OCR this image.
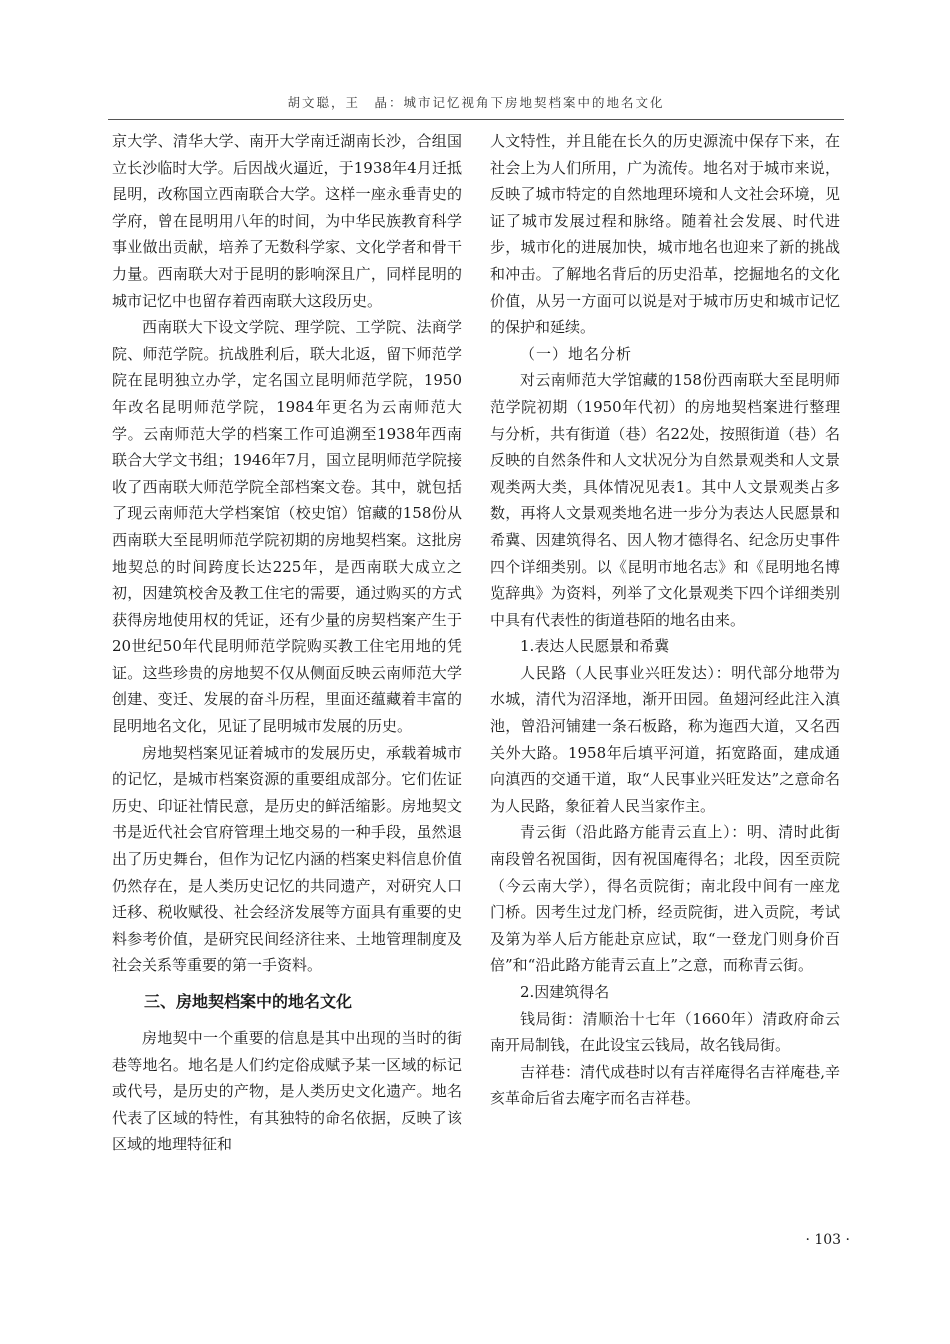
胡文聪，王　晶：城市记忆视角下房地契档案中的地名文化

京大学、清华大学、南开大学南迁湖南长沙，合组国立长沙临时大学。后因战火逼近，于1938年4月迁抵昆明，改称国立西南联合大学。这样一座永垂青史的学府，曾在昆明用八年的时间，为中华民族教育科学事业做出贡献，培养了无数科学家、文化学者和骨干力量。西南联大对于昆明的影响深且广，同样昆明的城市记忆中也留存着西南联大这段历史。

西南联大下设文学院、理学院、工学院、法商学院、师范学院。抗战胜利后，联大北返，留下师范学院在昆明独立办学，定名国立昆明师范学院，1950年改名昆明师范学院，1984年更名为云南师范大学。云南师范大学的档案工作可追溯至1938年西南联合大学文书组；1946年7月，国立昆明师范学院接收了西南联大师范学院全部档案文卷。其中，就包括了现云南师范大学档案馆（校史馆）馆藏的158份从西南联大至昆明师范学院初期的房地契档案。这批房地契总的时间跨度长达225年，是西南联大成立之初，因建筑校舍及教工住宅的需要，通过购买的方式获得房地使用权的凭证，还有少量的房契档案产生于20世纪50年代昆明师范学院购买教工住宅用地的凭证。这些珍贵的房地契不仅从侧面反映云南师范大学创建、变迁、发展的奋斗历程，里面还蕴藏着丰富的昆明地名文化，见证了昆明城市发展的历史。

房地契档案见证着城市的发展历史，承载着城市的记忆，是城市档案资源的重要组成部分。它们佐证历史、印证社情民意，是历史的鲜活缩影。房地契文书是近代社会官府管理土地交易的一种手段，虽然退出了历史舞台，但作为记忆内涵的档案史料信息价值仍然存在，是人类历史记忆的共同遗产，对研究人口迁移、税收赋役、社会经济发展等方面具有重要的史料参考价值，是研究民间经济往来、土地管理制度及社会关系等重要的第一手资料。

三、房地契档案中的地名文化

房地契中一个重要的信息是其中出现的当时的街巷等地名。地名是人们约定俗成赋予某一区域的标记或代号，是历史的产物，是人类历史文化遗产。地名代表了区域的特性，有其独特的命名依据，反映了该区域的地理特征和

人文特性，并且能在长久的历史源流中保存下来，在社会上为人们所用，广为流传。地名对于城市来说，反映了城市特定的自然地理环境和人文社会环境，见证了城市发展过程和脉络。随着社会发展、时代进步，城市化的进展加快，城市地名也迎来了新的挑战和冲击。了解地名背后的历史沿革，挖掘地名的文化价值，从另一方面可以说是对于城市历史和城市记忆的保护和延续。

（一）地名分析

对云南师范大学馆藏的158份西南联大至昆明师范学院初期（1950年代初）的房地契档案进行整理与分析，共有街道（巷）名22处，按照街道（巷）名反映的自然条件和人文状况分为自然景观类和人文景观类两大类，具体情况见表1。其中人文景观类占多数，再将人文景观类地名进一步分为表达人民愿景和希冀、因建筑得名、因人物才德得名、纪念历史事件四个详细类别。以《昆明市地名志》和《昆明地名博览辞典》为资料，列举了文化景观类下四个详细类别中具有代表性的街道巷陌的地名由来。

1.表达人民愿景和希冀

人民路（人民事业兴旺发达）：明代部分地带为水城，清代为沼泽地，渐开田园。鱼翅河经此注入滇池，曾沿河铺建一条石板路，称为迤西大道，又名西关外大路。1958年后填平河道，拓宽路面，建成通向滇西的交通干道，取“人民事业兴旺发达”之意命名为人民路，象征着人民当家作主。

青云街（沿此路方能青云直上）：明、清时此街南段曾名祝国街，因有祝国庵得名；北段，因至贡院（今云南大学），得名贡院街；南北段中间有一座龙门桥。因考生过龙门桥，经贡院街，进入贡院，考试及第为举人后方能赴京应试，取“一登龙门则身价百倍”和“沿此路方能青云直上”之意，而称青云街。

2.因建筑得名

钱局街：清顺治十七年（1660年）清政府命云南开局制钱，在此设宝云钱局，故名钱局街。

吉祥巷：清代成巷时以有吉祥庵得名吉祥庵巷,辛亥革命后省去庵字而名吉祥巷。

· 103 ·
